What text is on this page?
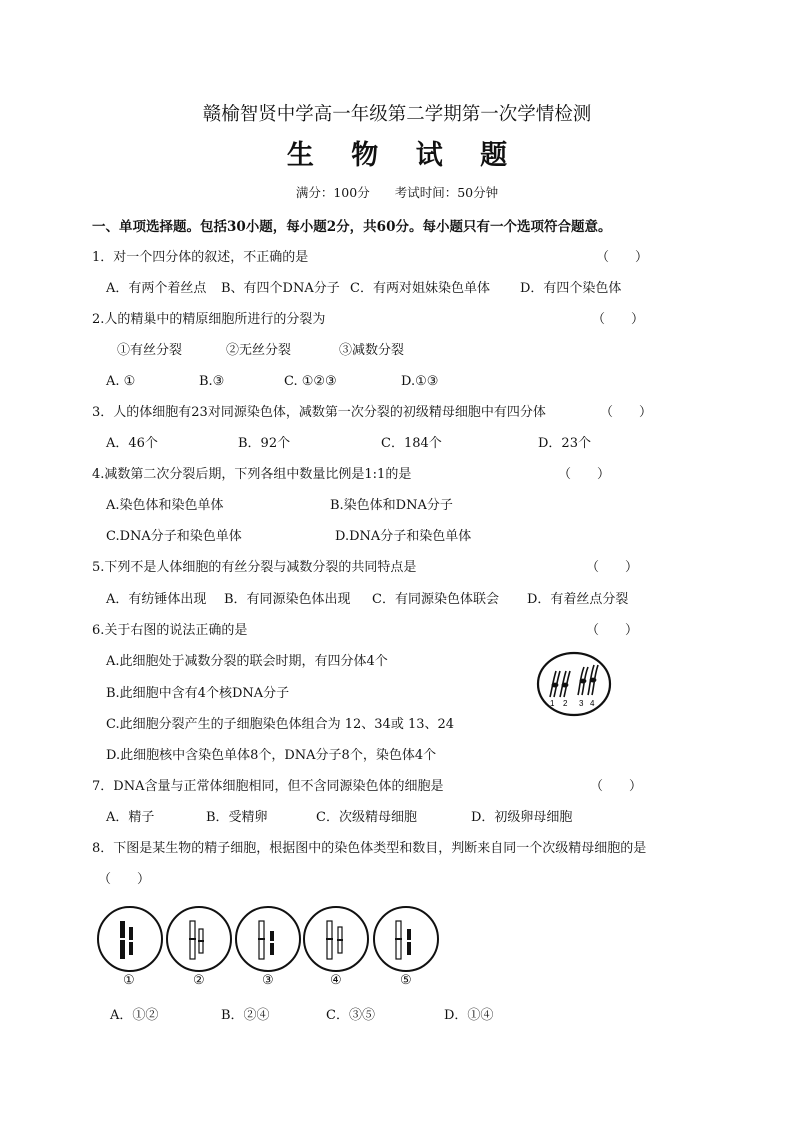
赣榆智贤中学高一年级第二学期第一次学情检测
生 物 试 题
满分：100分　　考试时间：50分钟
一、单项选择题。包括30小题，每小题2分，共60分。每小题只有一个选项符合题意。
1．对一个四分体的叙述，不正确的是	（　　）
A．有两个着丝点 B、有四个DNA分子 C．有两对姐妹染色单体 D．有四个染色体
2.人的精巢中的精原细胞所进行的分裂为	（　　）
①有丝分裂	②无丝分裂	③减数分裂
A. ①	B.③	C. ①②③	D.①③
3．人的体细胞有23对同源染色体，减数第一次分裂的初级精母细胞中有四分体	（　　）
A．46个	B．92个	C．184个	D．23个
4.减数第二次分裂后期，下列各组中数量比例是1:1的是	（　　）
A.染色体和染色单体	B.染色体和DNA分子
C.DNA分子和染色单体	D.DNA分子和染色单体
5.下列不是人体细胞的有丝分裂与减数分裂的共同特点是	（　　）
A．有纺锤体出现 B．有同源染色体出现 C．有同源染色体联会 D．有着丝点分裂
6.关于右图的说法正确的是	（　　）
A.此细胞处于减数分裂的联会时期，有四分体4个
B.此细胞中含有4个核DNA分子
C.此细胞分裂产生的子细胞染色体组合为 12、34或 13、24
D.此细胞核中含染色单体8个，DNA分子8个，染色体4个
1 2 3 4
7．DNA含量与正常体细胞相同，但不含同源染色体的细胞是	（　　）
A．精子	B．受精卵	C．次级精母细胞	D．初级卵母细胞
8．下图是某生物的精子细胞，根据图中的染色体类型和数目，判断来自同一个次级精母细胞的是
（　　）
①	②	③	④	⑤
A．①②	B．②④	C．③⑤	D．①④
